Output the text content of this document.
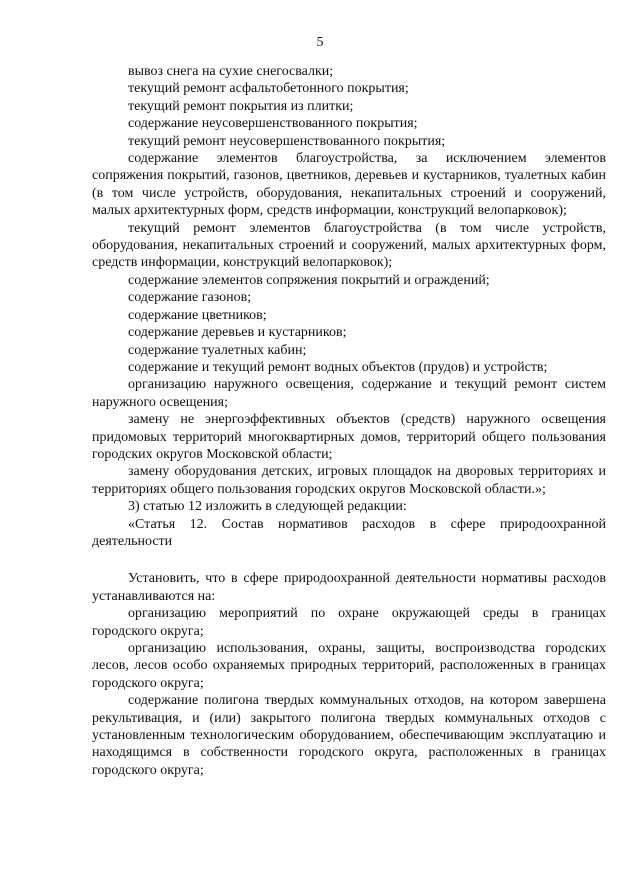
5

вывоз снега на сухие снегосвалки;

текущий ремонт асфальтобетонного покрытия;

текущий ремонт покрытия из плитки;

содержание неусовершенствованного покрытия;

текущий ремонт неусовершенствованного покрытия;

содержание элементов благоустройства, за исключением элементов сопряжения покрытий, газонов, цветников, деревьев и кустарников, туалетных кабин (в том числе устройств, оборудования, некапитальных строений и сооружений, малых архитектурных форм, средств информации, конструкций велопарковок);

текущий ремонт элементов благоустройства (в том числе устройств, оборудования, некапитальных строений и сооружений, малых архитектурных форм, средств информации, конструкций велопарковок);

содержание элементов сопряжения покрытий и ограждений;

содержание газонов;

содержание цветников;

содержание деревьев и кустарников;

содержание туалетных кабин;

содержание и текущий ремонт водных объектов (прудов) и устройств;

организацию наружного освещения, содержание и текущий ремонт систем наружного освещения;

замену не энергоэффективных объектов (средств) наружного освещения придомовых территорий многоквартирных домов, территорий общего пользования городских округов Московской области;

замену оборудования детских, игровых площадок на дворовых территориях и территориях общего пользования городских округов Московской области.»;

3) статью 12 изложить в следующей редакции:

«Статья 12. Состав нормативов расходов в сфере природоохранной деятельности

Установить, что в сфере природоохранной деятельности нормативы расходов устанавливаются на:

организацию мероприятий по охране окружающей среды в границах городского округа;

организацию использования, охраны, защиты, воспроизводства городских лесов, лесов особо охраняемых природных территорий, расположенных в границах городского округа;

содержание полигона твердых коммунальных отходов, на котором завершена рекультивация, и (или) закрытого полигона твердых коммунальных отходов с установленным технологическим оборудованием, обеспечивающим эксплуатацию и находящимся в собственности городского округа, расположенных в границах городского округа;
